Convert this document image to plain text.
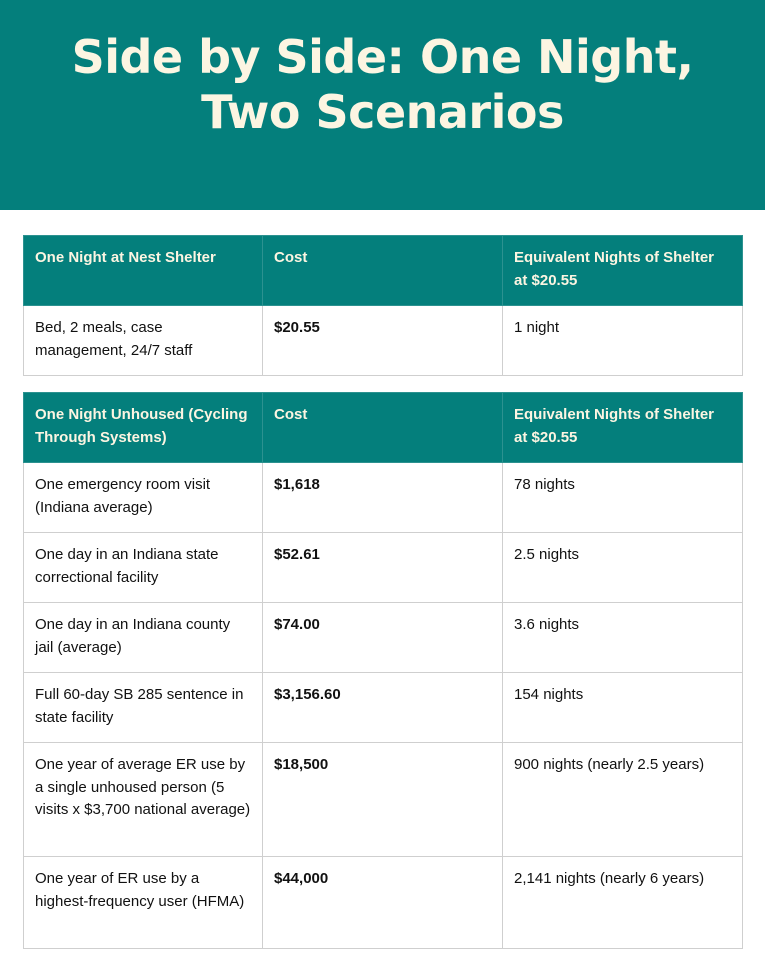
Side by Side: One Night,
Two Scenarios
One Night at Nest Shelter	Cost	Equivalent Nights of Shelter at $20.55
Bed, 2 meals, case management, 24/7 staff	$20.55	1 night
One Night Unhoused (Cycling Through Systems)	Cost	Equivalent Nights of Shelter at $20.55
One emergency room visit (Indiana average)	$1,618	78 nights
One day in an Indiana state correctional facility	$52.61	2.5 nights
One day in an Indiana county jail (average)	$74.00	3.6 nights
Full 60-day SB 285 sentence in state facility	$3,156.60	154 nights
One year of average ER use by a single unhoused person (5 visits x $3,700 national average)	$18,500	900 nights (nearly 2.5 years)
One year of ER use by a highest-frequency user (HFMA)	$44,000	2,141 nights (nearly 6 years)
